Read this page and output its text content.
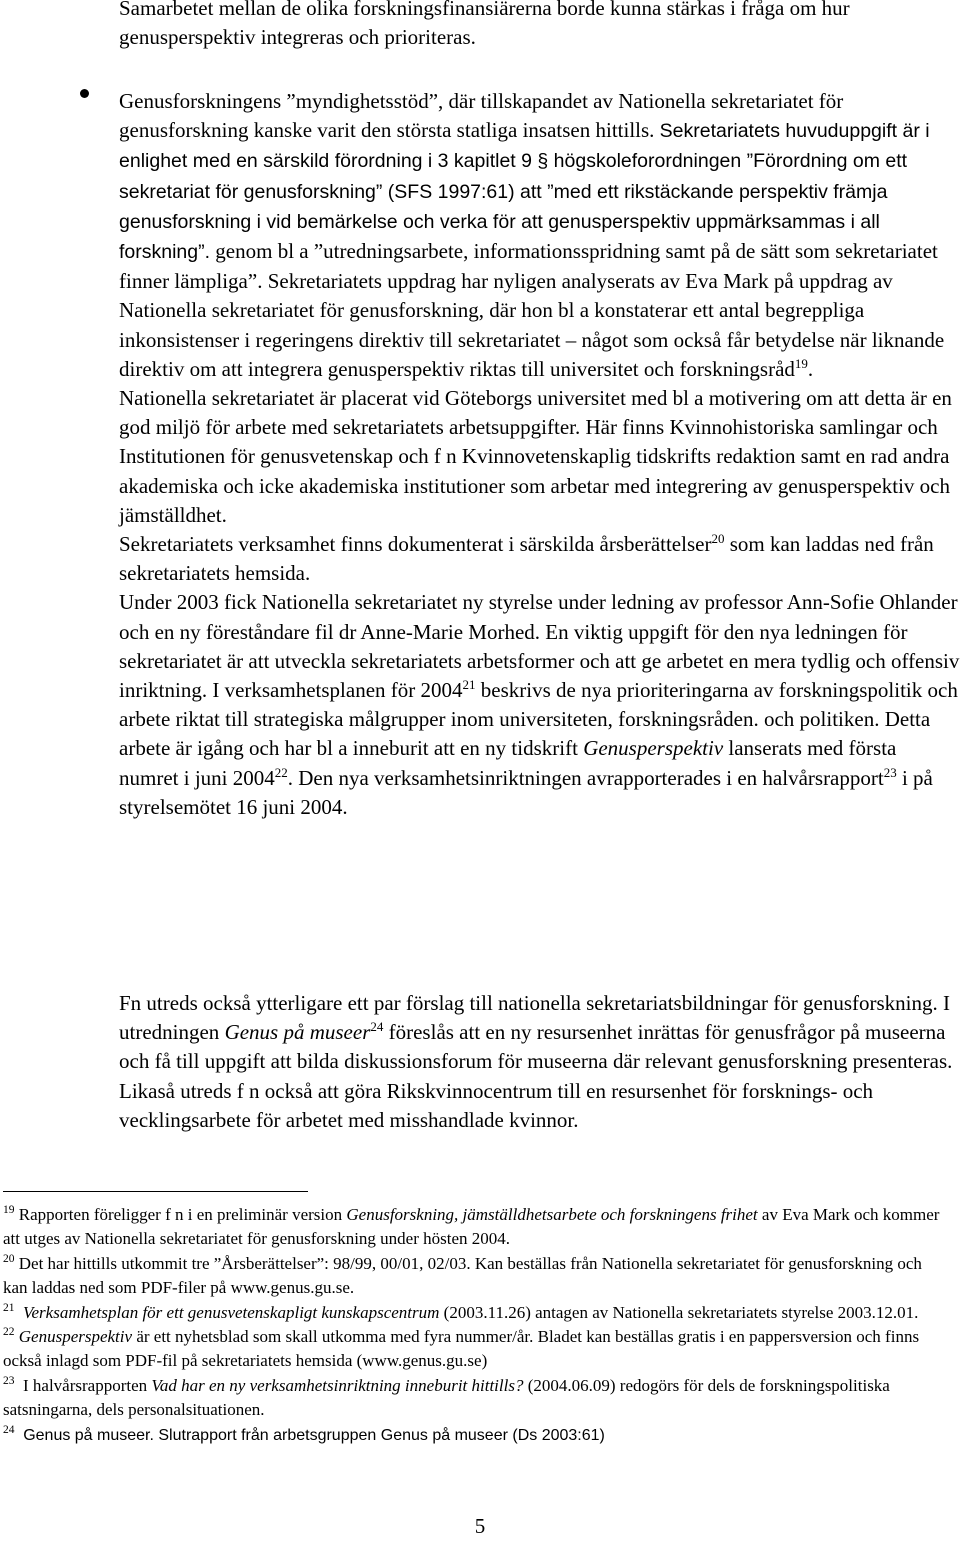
Samarbetet mellan de olika forskningsfinansiärerna borde kunna stärkas i fråga om hur genusperspektiv integreras och prioriteras.

Genusforskningens ”myndighetsstöd”, där tillskapandet av Nationella sekretariatet för genusforskning kanske varit den största statliga insatsen hittills. Sekretariatets huvuduppgift är i enlighet med en särskild förordning i 3 kapitlet 9 § högskoleforordningen ”Förordning om ett sekretariat för genusforskning” (SFS 1997:61) att ”med ett rikstäckande perspektiv främja genusforskning i vid bemärkelse och verka för att genusperspektiv uppmärksammas i all forskning”. genom bl a ”utredningsarbete, informationsspridning samt på de sätt som sekretariatet finner lämpliga”. Sekretariatets uppdrag har nyligen analyserats av Eva Mark på uppdrag av Nationella sekretariatet för genusforskning, där hon bl a konstaterar ett antal begreppliga inkonsistenser i regeringens direktiv till sekretariatet – något som också får betydelse när liknande direktiv om att integrera genusperspektiv riktas till universitet och forskningsråd$^{19}$.

Nationella sekretariatet är placerat vid Göteborgs universitet med bl a motivering om att detta är en god miljö för arbete med sekretariatets arbetsuppgifter. Här finns Kvinnohistoriska samlingar och Institutionen för genusvetenskap och f n Kvinnovetenskaplig tidskrifts redaktion samt en rad andra akademiska och icke akademiska institutioner som arbetar med integrering av genusperspektiv och jämställdhet.

Sekretariatets verksamhet finns dokumenterat i särskilda årsberättelser$^{20}$ som kan laddas ned från sekretariatets hemsida.

Under 2003 fick Nationella sekretariatet ny styrelse under ledning av professor Ann-Sofie Ohlander och en ny föreståndare fil dr Anne-Marie Morhed. En viktig uppgift för den nya ledningen för sekretariatet är att utveckla sekretariatets arbetsformer och att ge arbetet en mera tydlig och offensiv inriktning. I verksamhetsplanen för 2004$^{21}$ beskrivs de nya prioriteringarna av forskningspolitik och arbete riktat till strategiska målgrupper inom universiteten, forskningsråden. och politiken. Detta arbete är igång och har bl a inneburit att en ny tidskrift Genusperspektiv lanserats med första numret i juni 2004$^{22}$. Den nya verksamhetsinriktningen avrapporterades i en halvårsrapport$^{23}$ i på styrelsemötet 16 juni 2004.

Fn utreds också ytterligare ett par förslag till nationella sekretariatsbildningar för genusforskning. I utredningen Genus på museer$^{24}$ föreslås att en ny resursenhet inrättas för genusfrågor på museerna och få till uppgift att bilda diskussionsforum för museerna där relevant genusforskning presenteras. Likaså utreds f n också att göra Rikskvinnocentrum till en resursenhet för forsknings- och vecklingsarbete för arbetet med misshandlade kvinnor.

$^{19}$ Rapporten föreligger f n i en preliminär version Genusforskning, jämställdhetsarbete och forskningens frihet av Eva Mark och kommer att utges av Nationella sekretariatet för genusforskning under hösten 2004.

$^{20}$ Det har hittills utkommit tre ”Årsberättelser”: 98/99, 00/01, 02/03. Kan beställas från Nationella sekretariatet för genusforskning och kan laddas ned som PDF-filer på www.genus.gu.se.

$^{21}$ Verksamhetsplan för ett genusvetenskapligt kunskapscentrum (2003.11.26) antagen av Nationella sekretariatets styrelse 2003.12.01.

$^{22}$ Genusperspektiv är ett nyhetsblad som skall utkomma med fyra nummer/år. Bladet kan beställas gratis i en pappersversion och finns också inlagd som PDF-fil på sekretariatets hemsida (www.genus.gu.se)

$^{23}$  I halvårsrapporten Vad har en ny verksamhetsinriktning inneburit hittills? (2004.06.09) redogörs för dels de forskningspolitiska satsningarna, dels personalsituationen.

$^{24}$  Genus på museer. Slutrapport från arbetsgruppen Genus på museer (Ds 2003:61)

5
